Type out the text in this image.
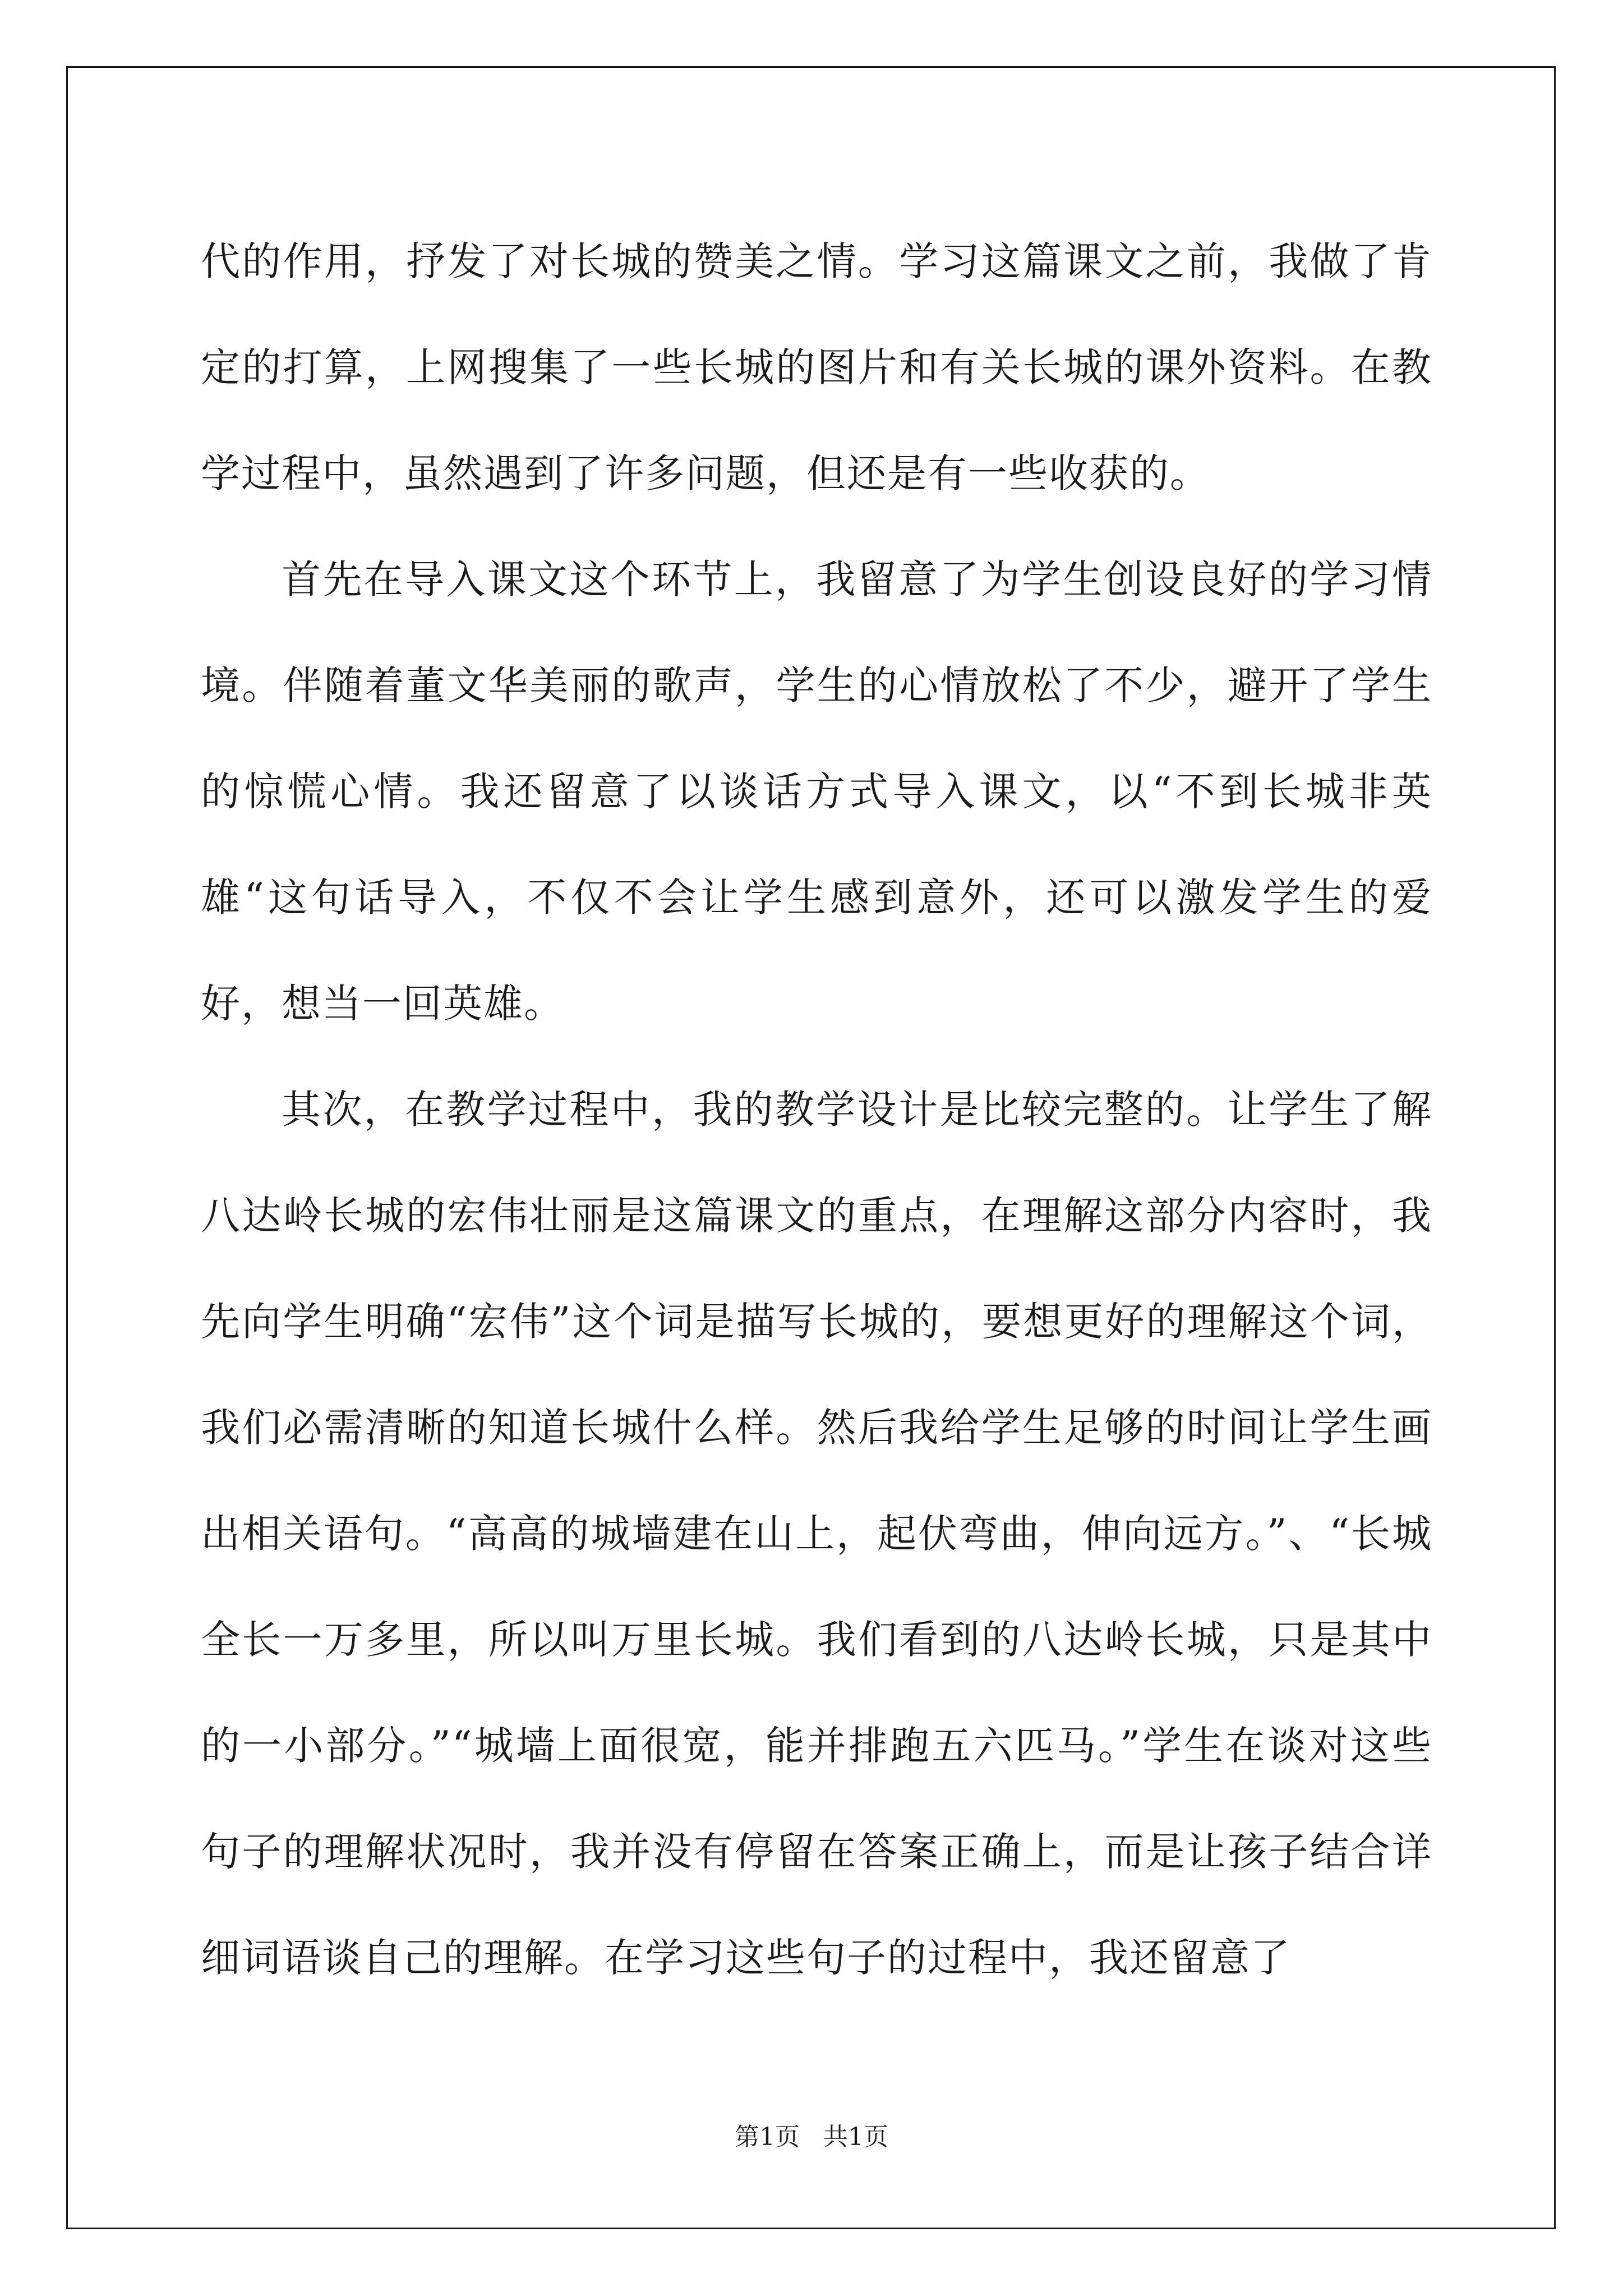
代的作用，抒发了对长城的赞美之情。学习这篇课文之前，我做了肯定的打算，上网搜集了一些长城的图片和有关长城的课外资料。在教学过程中，虽然遇到了许多问题，但还是有一些收获的。

首先在导入课文这个环节上，我留意了为学生创设良好的学习情境。伴随着董文华美丽的歌声，学生的心情放松了不少，避开了学生的惊慌心情。我还留意了以谈话方式导入课文，以“不到长城非英雄“这句话导入，不仅不会让学生感到意外，还可以激发学生的爱好，想当一回英雄。

其次，在教学过程中，我的教学设计是比较完整的。让学生了解八达岭长城的宏伟壮丽是这篇课文的重点，在理解这部分内容时，我先向学生明确“宏伟”这个词是描写长城的，要想更好的理解这个词，我们必需清晰的知道长城什么样。然后我给学生足够的时间让学生画出相关语句。“高高的城墙建在山上，起伏弯曲，伸向远方。”、“长城全长一万多里，所以叫万里长城。我们看到的八达岭长城，只是其中的一小部分。”“城墙上面很宽，能并排跑五六匹马。”学生在谈对这些句子的理解状况时，我并没有停留在答案正确上，而是让孩子结合详细词语谈自己的理解。在学习这些句子的过程中，我还留意了

第1页   共1页
